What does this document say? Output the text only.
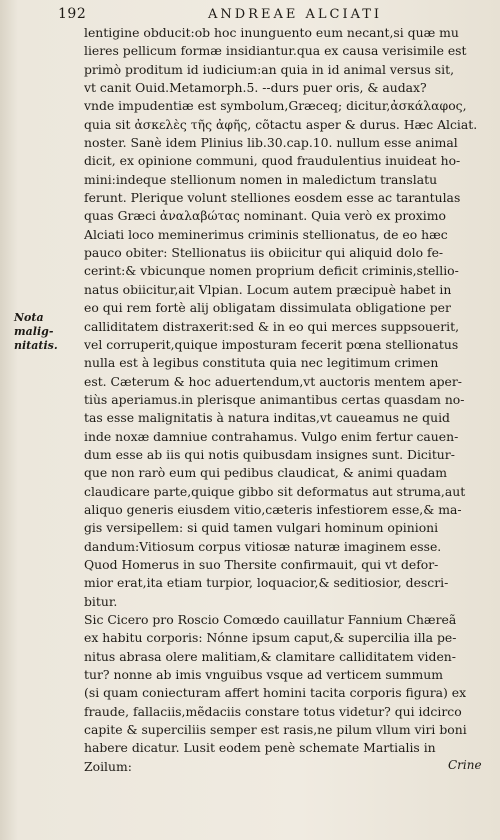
192	ANDREAE ALCIATI
Nota malig-
nitatis.
lentigine obducit:ob hoc inunguento eum necant,si quæ mu
lieres pellicum formæ insidiantur.qua ex causa verisimile est
primò proditum id iudicium:an quia in id animal versus sit,
vt canit Ouid.Metamorph.5. --durs puer oris, & audax?
vnde impudentiæ est symbolum,Græceq; dicitur,ἀσκάλαφος,
quia sit ἀσκελὲς τῆς ἀφῆς, cõtactu asper & durus. Hæc Alciat.
noster. Sanè idem Plinius lib.30.cap.10. nullum esse animal
dicit, ex opinione communi, quod fraudulentius inuideat ho-
mini:indeque stellionum nomen in maledictum translatu
ferunt. Plerique volunt stelliones eosdem esse ac tarantulas
quas Græci ἀναλαβώτας nominant. Quia verò ex proximo
Alciati loco meminerimus criminis stellionatus, de eo hæc
pauco obiter: Stellionatus iis obiicitur qui aliquid dolo fe-
cerint:& vbicunque nomen proprium deficit criminis,stellio-
natus obiicitur,ait Vlpian. Locum autem præcipuè habet in
eo qui rem fortè alij obligatam dissimulata obligatione per
calliditatem distraxerit:sed & in eo qui merces suppsouerit,
vel corruperit,quique imposturam fecerit pœna stellionatus
nulla est à legibus constituta quia nec legitimum crimen
est. Cæterum & hoc aduertendum,vt auctoris mentem aper-
tiùs aperiamus.in plerisque animantibus certas quasdam no-
tas esse malignitatis à natura inditas,vt caueamus ne quid
inde noxæ damniue contrahamus. Vulgo enim fertur cauen-
dum esse ab iis qui notis quibusdam insignes sunt. Dicitur-
que non rarò eum qui pedibus claudicat, & animi quadam
claudicare parte,quique gibbo sit deformatus aut struma,aut
aliquo generis eiusdem vitio,cæteris infestiorem esse,& ma-
gis versipellem: si quid tamen vulgari hominum opinioni
dandum:Vitiosum corpus vitiosæ naturæ imaginem esse.
Quod Homerus in suo Thersite confirmauit, qui vt defor-
mior erat,ita etiam turpior, loquacior,& seditiosior, descri-
bitur.
Sic Cicero pro Roscio Comœdo cauillatur Fannium Chæreã
ex habitu corporis: Nónne ipsum caput,& supercilia illa pe-
nitus abrasa olere malitiam,& clamitare calliditatem viden-
tur? nonne ab imis vnguibus vsque ad verticem summum
(si quam coniecturam affert homini tacita corporis figura) ex
fraude, fallaciis,mẽdaciis constare totus videtur? qui idcirco
capite & superciliis semper est rasis,ne pilum vllum viri boni
habere dicatur. Lusit eodem penè schemate Martialis in
Zoilum:	Crine
